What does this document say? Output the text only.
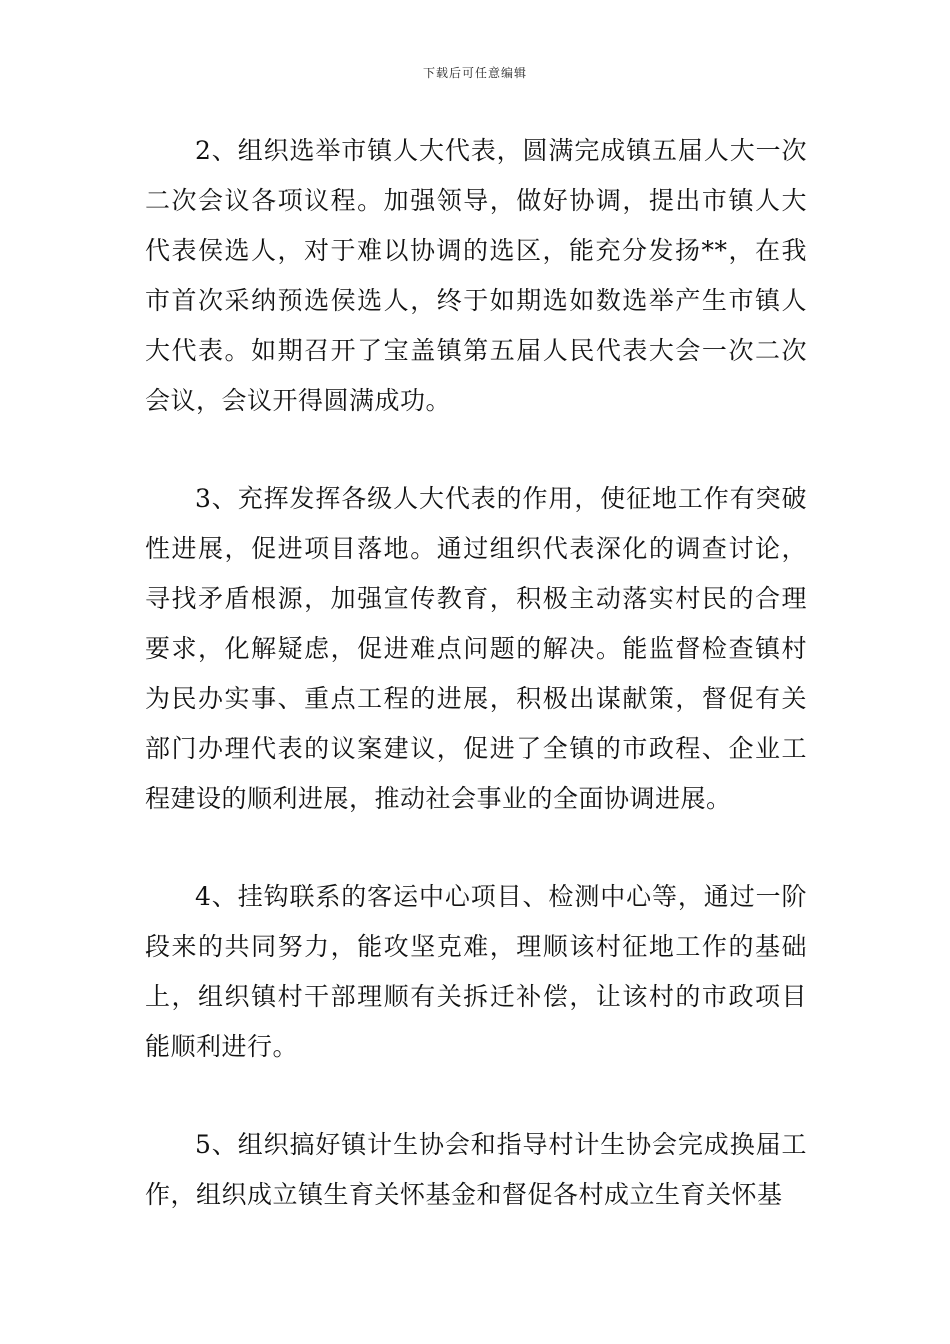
下载后可任意编辑

2、组织选举市镇人大代表，圆满完成镇五届人大一次二次会议各项议程。加强领导，做好协调，提出市镇人大代表侯选人，对于难以协调的选区，能充分发扬**，在我市首次采纳预选侯选人，终于如期选如数选举产生市镇人大代表。如期召开了宝盖镇第五届人民代表大会一次二次会议，会议开得圆满成功。

3、充挥发挥各级人大代表的作用，使征地工作有突破性进展，促进项目落地。通过组织代表深化的调查讨论，寻找矛盾根源，加强宣传教育，积极主动落实村民的合理要求，化解疑虑，促进难点问题的解决。能监督检查镇村为民办实事、重点工程的进展，积极出谋献策，督促有关部门办理代表的议案建议，促进了全镇的市政程、企业工程建设的顺利进展，推动社会事业的全面协调进展。

4、挂钩联系的客运中心项目、检测中心等，通过一阶段来的共同努力，能攻坚克难，理顺该村征地工作的基础上，组织镇村干部理顺有关拆迁补偿，让该村的市政项目能顺利进行。

5、组织搞好镇计生协会和指导村计生协会完成换届工作，组织成立镇生育关怀基金和督促各村成立生育关怀基
